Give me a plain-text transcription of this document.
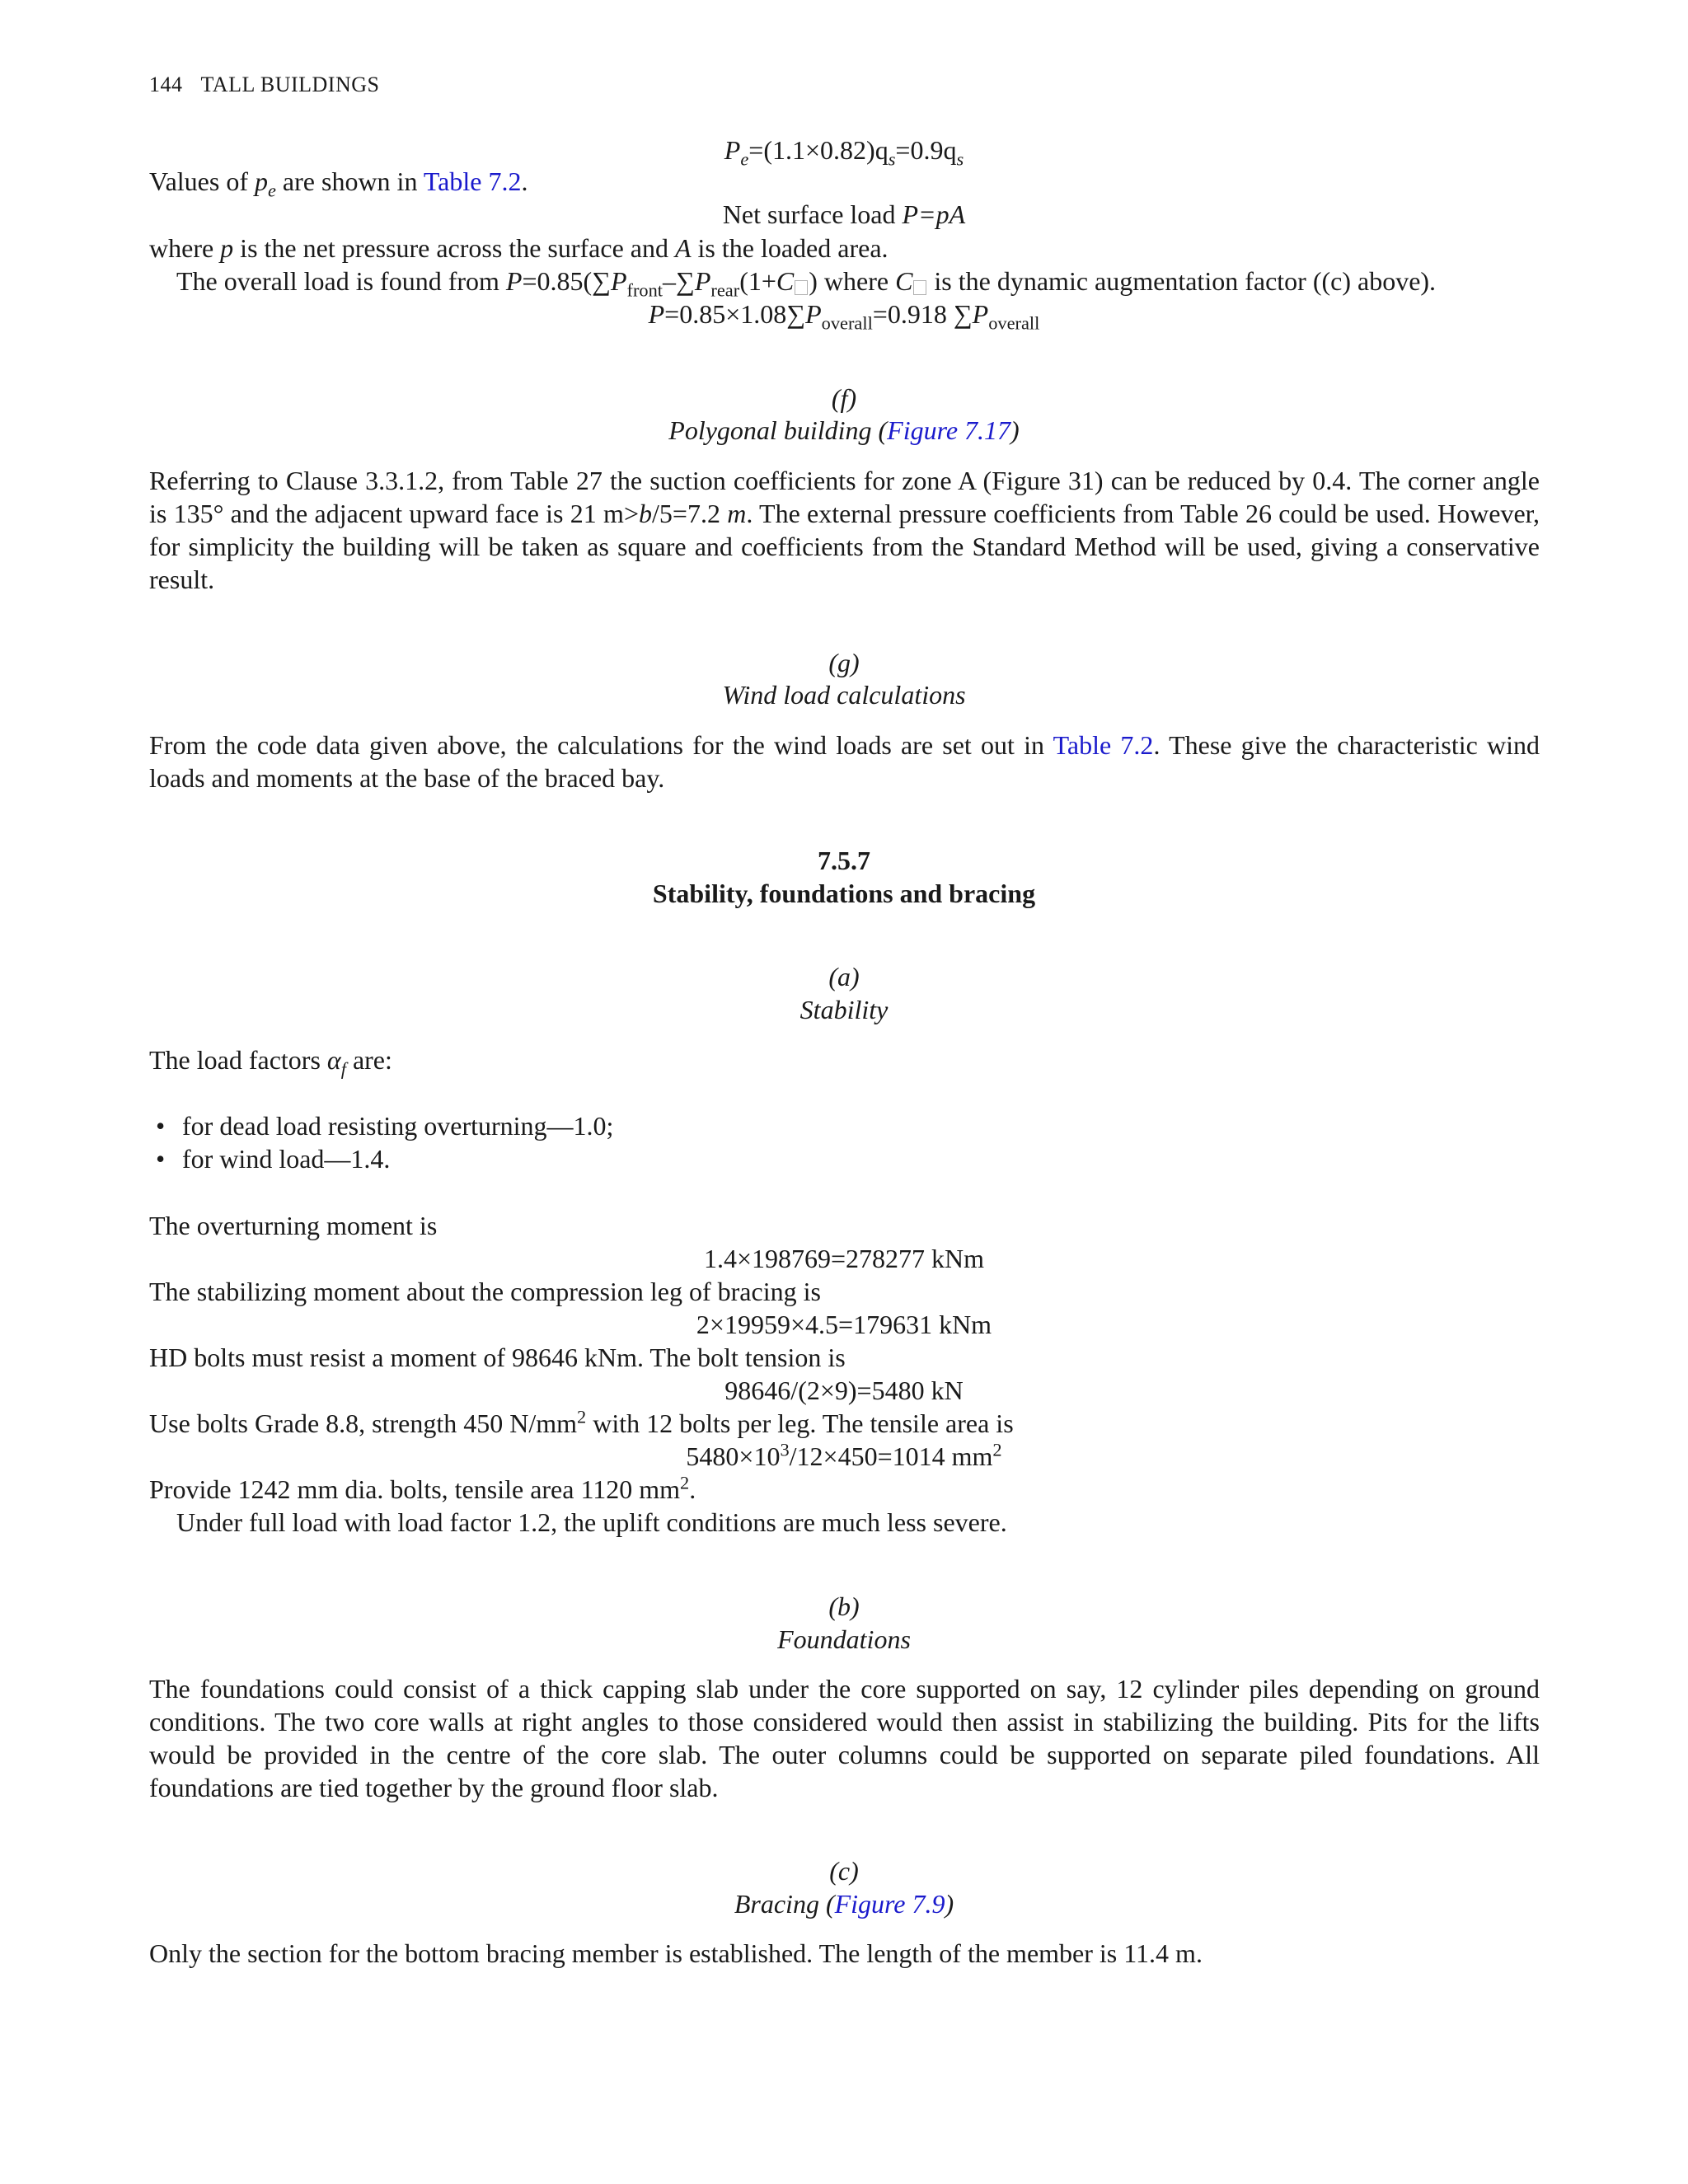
144 TALL BUILDINGS
$P_e=(1.1\times 0.82)q_s=0.9q_s$
Values of $p_e$ are shown in Table 7.2.
Net surface load P=pA
where p is the net pressure across the surface and A is the loaded area.
The overall load is found from $P=0.85(\sum P_{front}-\sum P_{rear}(1+C$ ) where C is the dynamic augmentation factor ((c) above).
$P=0.85\times 1.08\sum P_{overall}=0.918$ $\sum P_{overall}$
(f)
Polygonal building (Figure 7.17)
Referring to Clause 3.3.1.2, from Table 27 the suction coefficients for zone A (Figure 31) can be reduced by 0.4. The corner angle is 135° and the adjacent upward face is 21 m>b/5=7.2 m. The external pressure coefficients from Table 26 could be used. However, for simplicity the building will be taken as square and coefficients from the Standard Method will be used, giving a conservative result.
(g)
Wind load calculations
From the code data given above, the calculations for the wind loads are set out in Table 7.2. These give the characteristic wind loads and moments at the base of the braced bay.
7.5.7
Stability, foundations and bracing
(a)
Stability
The load factors $\alpha_f$ are:
• for dead load resisting overturning—1.0;
• for wind load—1.4.
The overturning moment is
1.4×198769=278277 kNm
The stabilizing moment about the compression leg of bracing is
2×19959×4.5=179631 kNm
HD bolts must resist a moment of 98646 kNm. The bolt tension is
98646/(2×9)=5480 kN
Use bolts Grade 8.8, strength 450 $N/mm^2$ with 12 bolts per leg. The tensile area is
$5480\times 10^3/12\times 450=1014$ $mm^2$
Provide 1242 mm dia. bolts, tensile area 1120 $mm^2$.
Under full load with load factor 1.2, the uplift conditions are much less severe.
(b)
Foundations
The foundations could consist of a thick capping slab under the core supported on say, 12 cylinder piles depending on ground conditions. The two core walls at right angles to those considered would then assist in stabilizing the building. Pits for the lifts would be provided in the centre of the core slab. The outer columns could be supported on separate piled foundations. All foundations are tied together by the ground floor slab.
(c)
Bracing (Figure 7.9)
Only the section for the bottom bracing member is established. The length of the member is 11.4 m.
